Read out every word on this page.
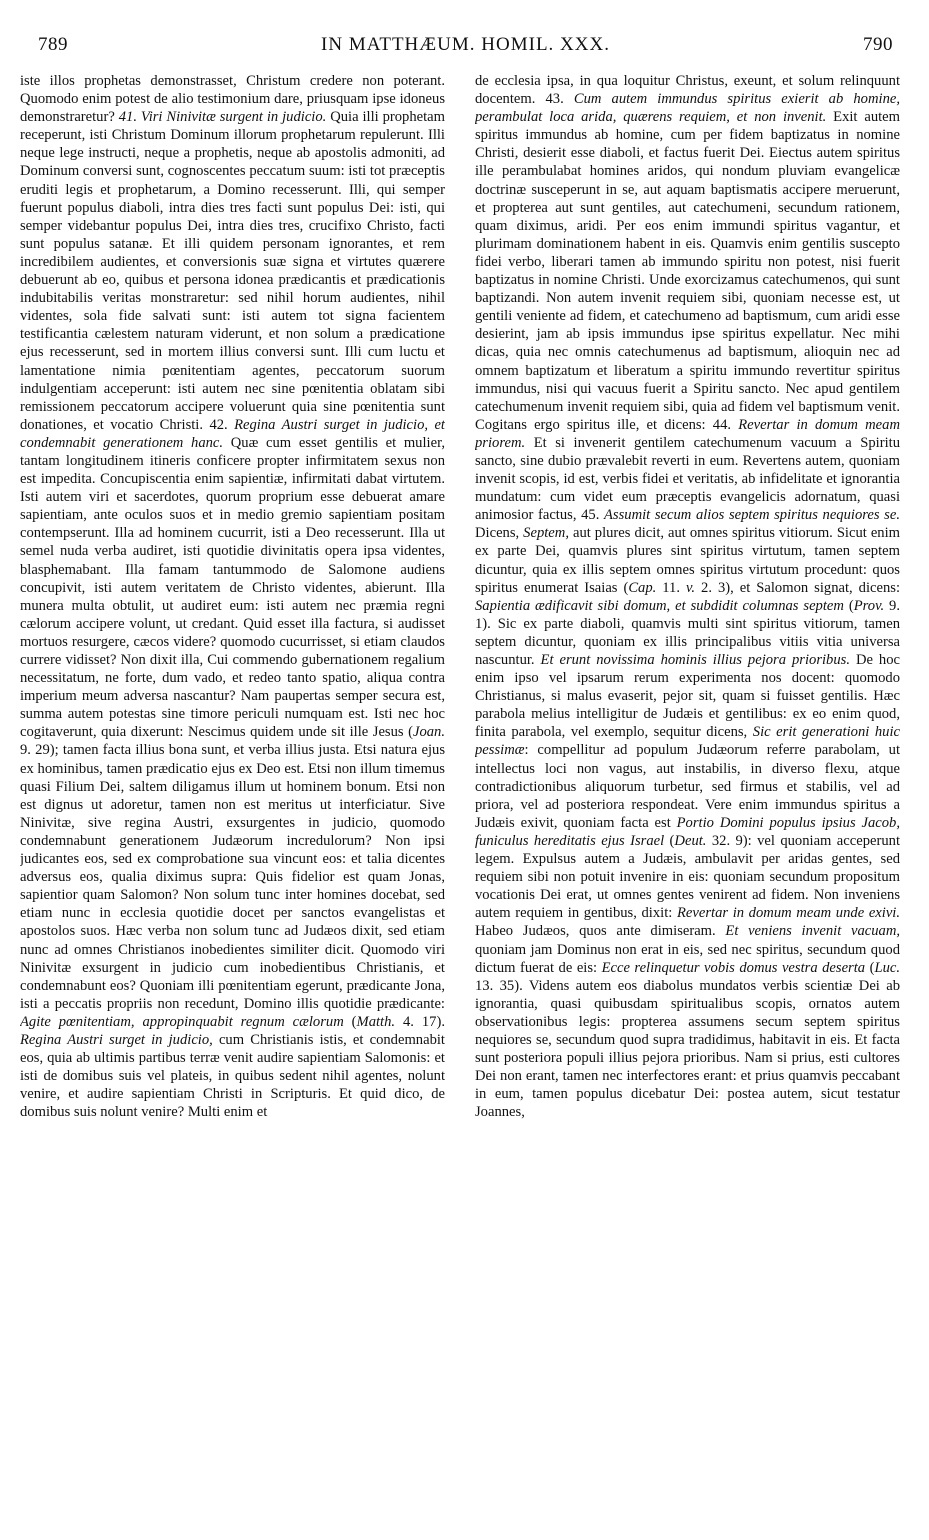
789	IN MATTHÆUM. HOMIL. XXX.	790

iste illos prophetas demonstrasset, Christum credere non poterant. Quomodo enim potest de alio testimonium dare, priusquam ipse idoneus demonstraretur? 41. Viri Ninivitæ surgent in judicio. Quia illi prophetam receperunt, isti Christum Dominum illorum prophetarum repulerunt. Illi neque lege instructi, neque a prophetis, neque ab apostolis admoniti, ad Dominum conversi sunt, cognoscentes peccatum suum: isti tot præceptis eruditi legis et prophetarum, a Domino recesserunt. Illi, qui semper fuerunt populus diaboli, intra dies tres facti sunt populus Dei: isti, qui semper videbantur populus Dei, intra dies tres, crucifixo Christo, facti sunt populus satanæ. Et illi quidem personam ignorantes, et rem incredibilem audientes, et conversionis suæ signa et virtutes quærere debuerunt ab eo, quibus et persona idonea prædicantis et prædicationis indubitabilis veritas monstraretur: sed nihil horum audientes, nihil videntes, sola fide salvati sunt: isti autem tot signa facientem testificantia cælestem naturam viderunt, et non solum a prædicatione ejus recesserunt, sed in mortem illius conversi sunt. Illi cum luctu et lamentatione nimia pœnitentiam agentes, peccatorum suorum indulgentiam acceperunt: isti autem nec sine pœnitentia oblatam sibi remissionem peccatorum accipere voluerunt quia sine pœnitentia sunt donationes, et vocatio Christi. 42. Regina Austri surget in judicio, et condemnabit generationem hanc. Quæ cum esset gentilis et mulier, tantam longitudinem itineris conficere propter infirmitatem sexus non est impedita. Concupiscentia enim sapientiæ, infirmitati dabat virtutem. Isti autem viri et sacerdotes, quorum proprium esse debuerat amare sapientiam, ante oculos suos et in medio gremio sapientiam positam contempserunt. Illa ad hominem cucurrit, isti a Deo recesserunt. Illa ut semel nuda verba audiret, isti quotidie divinitatis opera ipsa videntes, blasphemabant. Illa famam tantummodo de Salomone audiens concupivit, isti autem veritatem de Christo videntes, abierunt. Illa munera multa obtulit, ut audiret eum: isti autem nec præmia regni cælorum accipere volunt, ut credant. Quid esset illa factura, si audisset mortuos resurgere, cæcos videre? quomodo cucurrisset, si etiam claudos currere vidisset? Non dixit illa, Cui commendo gubernationem regalium necessitatum, ne forte, dum vado, et redeo tanto spatio, aliqua contra imperium meum adversa nascantur? Nam paupertas semper secura est, summa autem potestas sine timore periculi numquam est. Isti nec hoc cogitaverunt, quia dixerunt: Nescimus quidem unde sit ille Jesus (Joan. 9. 29); tamen facta illius bona sunt, et verba illius justa. Etsi natura ejus ex hominibus, tamen prædicatio ejus ex Deo est. Etsi non illum timemus quasi Filium Dei, saltem diligamus illum ut hominem bonum. Etsi non est dignus ut adoretur, tamen non est meritus ut interficiatur. Sive Ninivitæ, sive regina Austri, exsurgentes in judicio, quomodo condemnabunt generationem Judæorum incredulorum? Non ipsi judicantes eos, sed ex comprobatione sua vincunt eos: et talia dicentes adversus eos, qualia diximus supra: Quis fidelior est quam Jonas, sapientior quam Salomon? Non solum tunc inter homines docebat, sed etiam nunc in ecclesia quotidie docet per sanctos evangelistas et apostolos suos. Hæc verba non solum tunc ad Judæos dixit, sed etiam nunc ad omnes Christianos inobedientes similiter dicit. Quomodo viri Ninivitæ exsurgent in judicio cum inobedientibus Christianis, et condemnabunt eos? Quoniam illi pœnitentiam egerunt, prædicante Jona, isti a peccatis propriis non recedunt, Domino illis quotidie prædicante: Agite pœnitentiam, appropinquabit regnum cælorum (Matth. 4. 17). Regina Austri surget in judicio, cum Christianis istis, et condemnabit eos, quia ab ultimis partibus terræ venit audire sapientiam Salomonis: et isti de domibus suis vel plateis, in quibus sedent nihil agentes, nolunt venire, et audire sapientiam Christi in Scripturis. Et quid dico, de domibus suis nolunt venire? Multi enim et

de ecclesia ipsa, in qua loquitur Christus, exeunt, et solum relinquunt docentem. 43. Cum autem immundus spiritus exierit ab homine, perambulat loca arida, quærens requiem, et non invenit. Exit autem spiritus immundus ab homine, cum per fidem baptizatus in nomine Christi, desierit esse diaboli, et factus fuerit Dei. Eiectus autem spiritus ille perambulabat homines aridos, qui nondum pluviam evangelicæ doctrinæ susceperunt in se, aut aquam baptismatis accipere meruerunt, et propterea aut sunt gentiles, aut catechumeni, secundum rationem, quam diximus, aridi. Per eos enim immundi spiritus vagantur, et plurimam dominationem habent in eis. Quamvis enim gentilis suscepto fidei verbo, liberari tamen ab immundo spiritu non potest, nisi fuerit baptizatus in nomine Christi. Unde exorcizamus catechumenos, qui sunt baptizandi. Non autem invenit requiem sibi, quoniam necesse est, ut gentili veniente ad fidem, et catechumeno ad baptismum, cum aridi esse desierint, jam ab ipsis immundus ipse spiritus expellatur. Nec mihi dicas, quia nec omnis catechumenus ad baptismum, alioquin nec ad omnem baptizatum et liberatum a spiritu immundo revertitur spiritus immundus, nisi qui vacuus fuerit a Spiritu sancto. Nec apud gentilem catechumenum invenit requiem sibi, quia ad fidem vel baptismum venit. Cogitans ergo spiritus ille, et dicens: 44. Revertar in domum meam priorem. Et si invenerit gentilem catechumenum vacuum a Spiritu sancto, sine dubio prævalebit reverti in eum. Revertens autem, quoniam invenit scopis, id est, verbis fidei et veritatis, ab infidelitate et ignorantia mundatum: cum videt eum præceptis evangelicis adornatum, quasi animosior factus, 45. Assumit secum alios septem spiritus nequiores se. Dicens, Septem, aut plures dicit, aut omnes spiritus vitiorum. Sicut enim ex parte Dei, quamvis plures sint spiritus virtutum, tamen septem dicuntur, quia ex illis septem omnes spiritus virtutum procedunt: quos spiritus enumerat Isaias (Cap. 11. v. 2. 3), et Salomon signat, dicens: Sapientia ædificavit sibi domum, et subdidit columnas septem (Prov. 9. 1). Sic ex parte diaboli, quamvis multi sint spiritus vitiorum, tamen septem dicuntur, quoniam ex illis principalibus vitiis vitia universa nascuntur. Et erunt novissima hominis illius pejora prioribus. De hoc enim ipso vel ipsarum rerum experimenta nos docent: quomodo Christianus, si malus evaserit, pejor sit, quam si fuisset gentilis. Hæc parabola melius intelligitur de Judæis et gentilibus: ex eo enim quod, finita parabola, vel exemplo, sequitur dicens, Sic erit generationi huic pessimæ: compellitur ad populum Judæorum referre parabolam, ut intellectus loci non vagus, aut instabilis, in diverso flexu, atque contradictionibus aliquorum turbetur, sed firmus et stabilis, vel ad priora, vel ad posteriora respondeat. Vere enim immundus spiritus a Judæis exivit, quoniam facta est Portio Domini populus ipsius Jacob, funiculus hereditatis ejus Israel (Deut. 32. 9): vel quoniam acceperunt legem. Expulsus autem a Judæis, ambulavit per aridas gentes, sed requiem sibi non potuit invenire in eis: quoniam secundum propositum vocationis Dei erat, ut omnes gentes venirent ad fidem. Non inveniens autem requiem in gentibus, dixit: Revertar in domum meam unde exivi. Habeo Judæos, quos ante dimiseram. Et veniens invenit vacuam, quoniam jam Dominus non erat in eis, sed nec spiritus, secundum quod dictum fuerat de eis: Ecce relinquetur vobis domus vestra deserta (Luc. 13. 35). Videns autem eos diabolus mundatos verbis scientiæ Dei ab ignorantia, quasi quibusdam spiritualibus scopis, ornatos autem observationibus legis: propterea assumens secum septem spiritus nequiores se, secundum quod supra tradidimus, habitavit in eis. Et facta sunt posteriora populi illius pejora prioribus. Nam si prius, esti cultores Dei non erant, tamen nec interfectores erant: et prius quamvis peccabant in eum, tamen populus dicebatur Dei: postea autem, sicut testatur Joannes,
